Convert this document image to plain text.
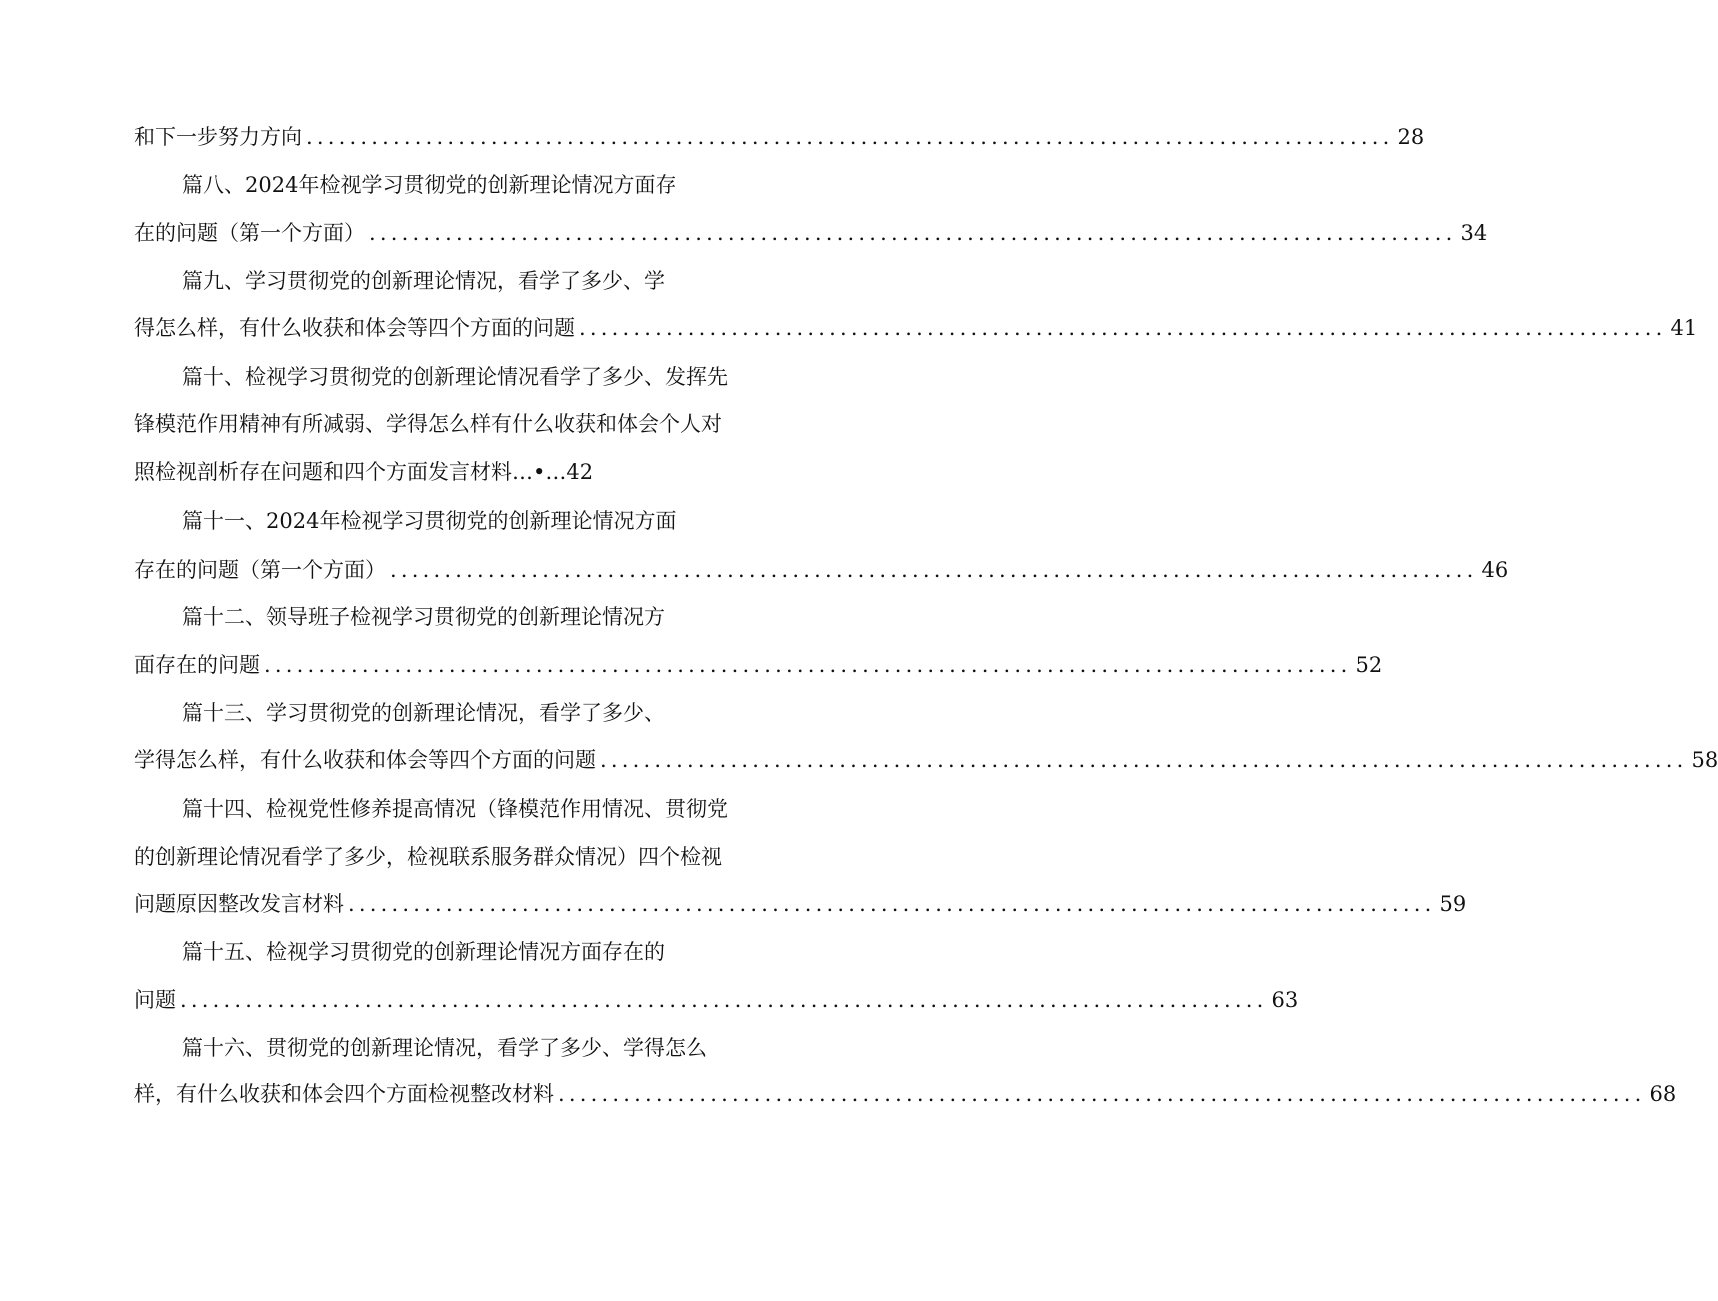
和下一步努力方向 .................................................................................................... 28
篇八、2024年检视学习贯彻党的创新理论情况方面存
在的问题（第一个方面） .................................................................................................... 34
篇九、学习贯彻党的创新理论情况，看学了多少、学
得怎么样，有什么收获和体会等四个方面的问题 .................................................................................................... 41
篇十、检视学习贯彻党的创新理论情况看学了多少、发挥先
锋模范作用精神有所减弱、学得怎么样有什么收获和体会个人对
照检视剖析存在问题和四个方面发言材料…•…42
篇十一、2024年检视学习贯彻党的创新理论情况方面
存在的问题（第一个方面） .................................................................................................... 46
篇十二、领导班子检视学习贯彻党的创新理论情况方
面存在的问题 .................................................................................................... 52
篇十三、学习贯彻党的创新理论情况，看学了多少、
学得怎么样，有什么收获和体会等四个方面的问题 .................................................................................................... 58
篇十四、检视党性修养提高情况（锋模范作用情况、贯彻党
的创新理论情况看学了多少，检视联系服务群众情况）四个检视
问题原因整改发言材料 .................................................................................................... 59
篇十五、检视学习贯彻党的创新理论情况方面存在的
问题 .................................................................................................... 63
篇十六、贯彻党的创新理论情况，看学了多少、学得怎么
样，有什么收获和体会四个方面检视整改材料 .................................................................................................... 68
